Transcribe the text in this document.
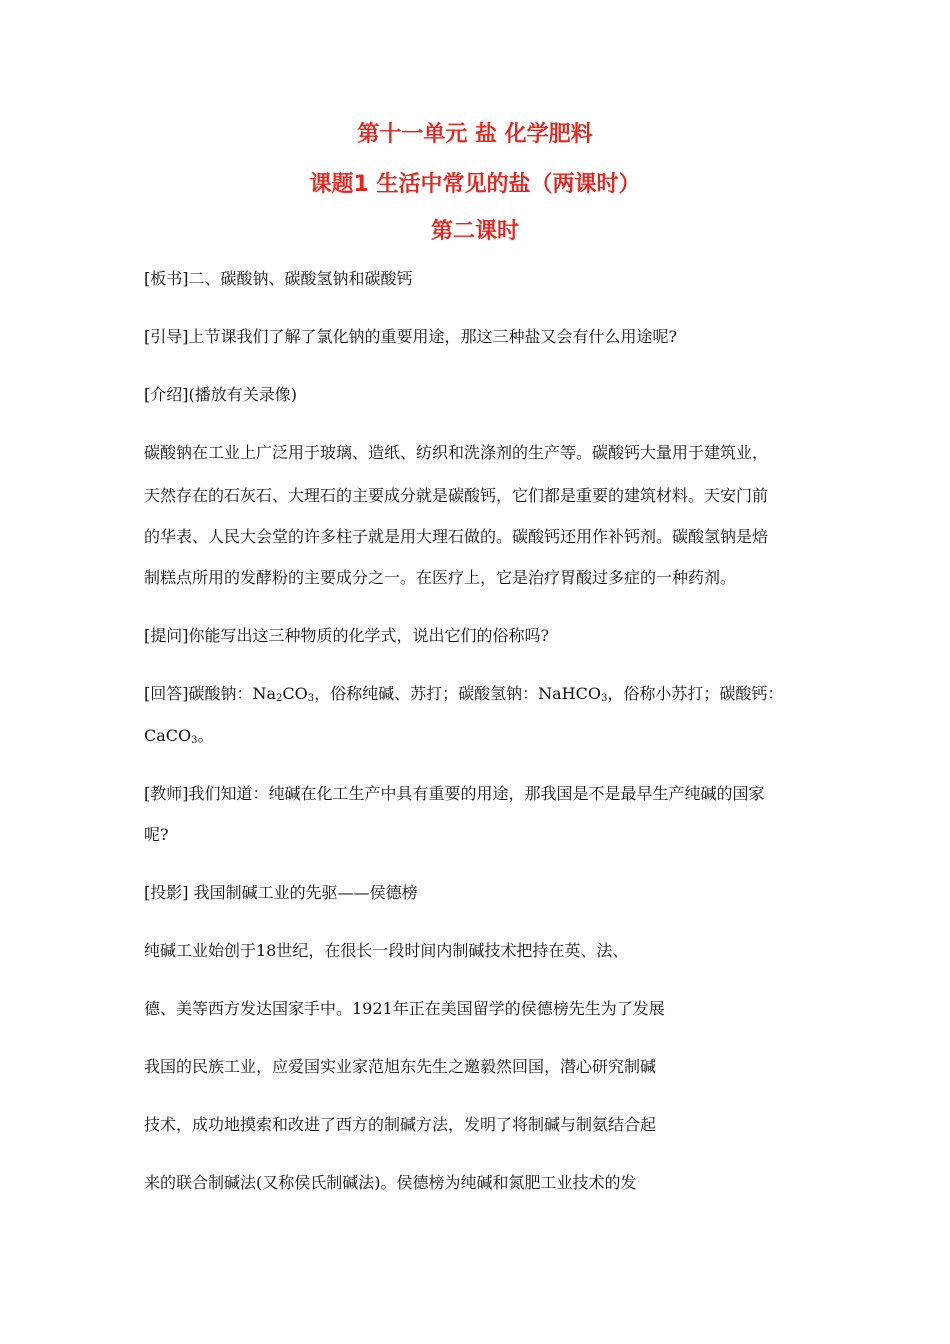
第十一单元 盐 化学肥料
课题1 生活中常见的盐（两课时）
第二课时
[板书]二、碳酸钠、碳酸氢钠和碳酸钙
[引导]上节课我们了解了氯化钠的重要用途，那这三种盐又会有什么用途呢?
[介绍](播放有关录像)
碳酸钠在工业上广泛用于玻璃、造纸、纺织和洗涤剂的生产等。碳酸钙大量用于建筑业，
天然存在的石灰石、大理石的主要成分就是碳酸钙，它们都是重要的建筑材料。天安门前
的华表、人民大会堂的许多柱子就是用大理石做的。碳酸钙还用作补钙剂。碳酸氢钠是焙
制糕点所用的发酵粉的主要成分之一。在医疗上，它是治疗胃酸过多症的一种药剂。
[提问]你能写出这三种物质的化学式，说出它们的俗称吗?
[回答]碳酸钠：$Na_2CO_3$，俗称纯碱、苏打；碳酸氢钠：NaHCO$_3$，俗称小苏打；碳酸钙：
CaCO$_3$。
[教师]我们知道：纯碱在化工生产中具有重要的用途，那我国是不是最早生产纯碱的国家
呢?
[投影] 我国制碱工业的先驱——侯德榜
纯碱工业始创于18世纪，在很长一段时间内制碱技术把持在英、法、
德、美等西方发达国家手中。1921年正在美国留学的侯德榜先生为了发展
我国的民族工业，应爱国实业家范旭东先生之邀毅然回国，潜心研究制碱
技术，成功地摸索和改进了西方的制碱方法，发明了将制碱与制氨结合起
来的联合制碱法(又称侯氏制碱法)。侯德榜为纯碱和氮肥工业技术的发
